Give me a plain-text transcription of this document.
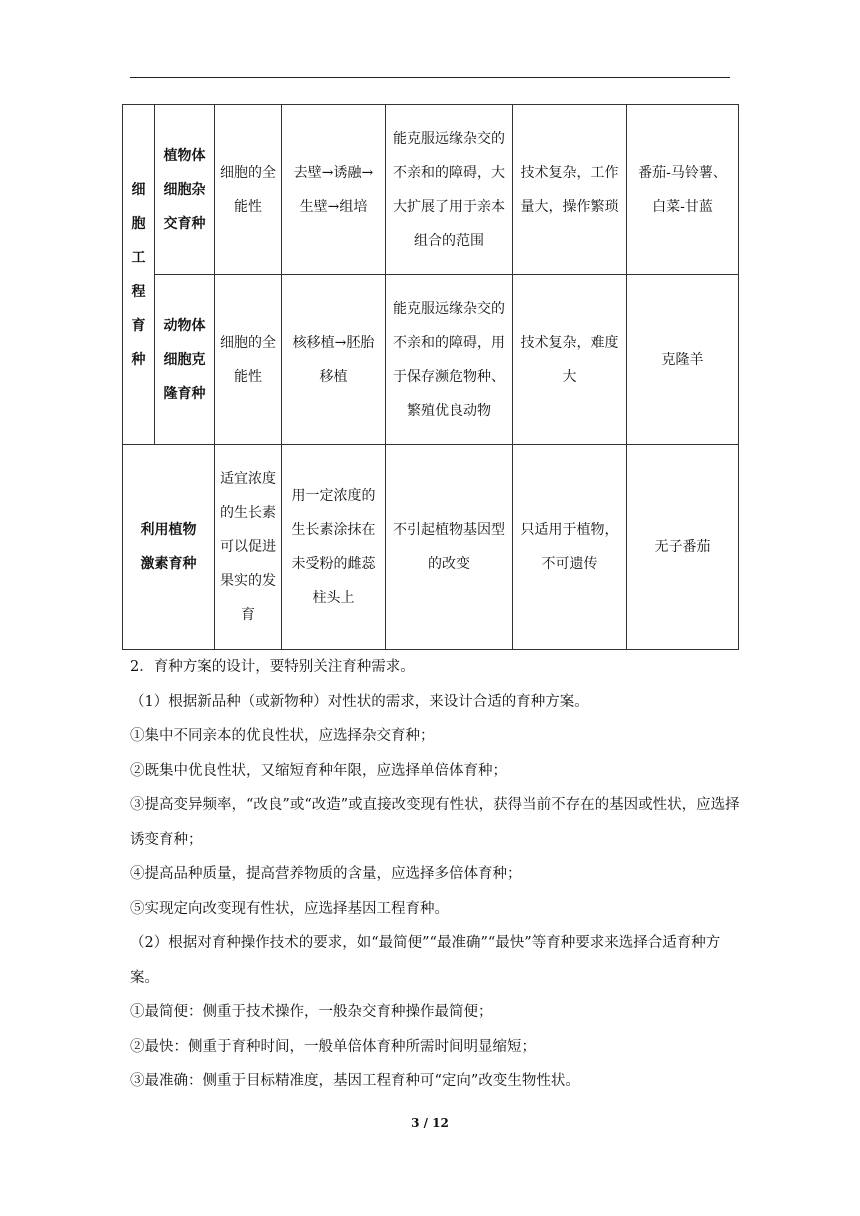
细胞工程育种	植物体细胞杂交育种	细胞的全能性	去壁→诱融→生壁→组培	能克服远缘杂交的不亲和的障碍，大大扩展了用于亲本组合的范围	技术复杂，工作量大，操作繁琐	番茄-马铃薯、白菜-甘蓝
	动物体细胞克隆育种	细胞的全能性	核移植→胚胎移植	能克服远缘杂交的不亲和的障碍，用于保存濒危物种、繁殖优良动物	技术复杂，难度大	克隆羊
利用植物激素育种		适宜浓度的生长素可以促进果实的发育	用一定浓度的生长素涂抹在未受粉的雌蕊柱头上	不引起植物基因型的改变	只适用于植物，不可遗传	无子番茄

2．育种方案的设计，要特别关注育种需求。

（1）根据新品种（或新物种）对性状的需求，来设计合适的育种方案。

①集中不同亲本的优良性状，应选择杂交育种；

②既集中优良性状，又缩短育种年限，应选择单倍体育种；

③提高变异频率，“改良”或“改造”或直接改变现有性状，获得当前不存在的基因或性状，应选择诱变育种；

④提高品种质量，提高营养物质的含量，应选择多倍体育种；

⑤实现定向改变现有性状，应选择基因工程育种。

（2）根据对育种操作技术的要求，如“最简便”“最准确”“最快”等育种要求来选择合适育种方案。

①最简便：侧重于技术操作，一般杂交育种操作最简便；

②最快：侧重于育种时间，一般单倍体育种所需时间明显缩短；

③最准确：侧重于目标精准度，基因工程育种可“定向”改变生物性状。

3 / 12
